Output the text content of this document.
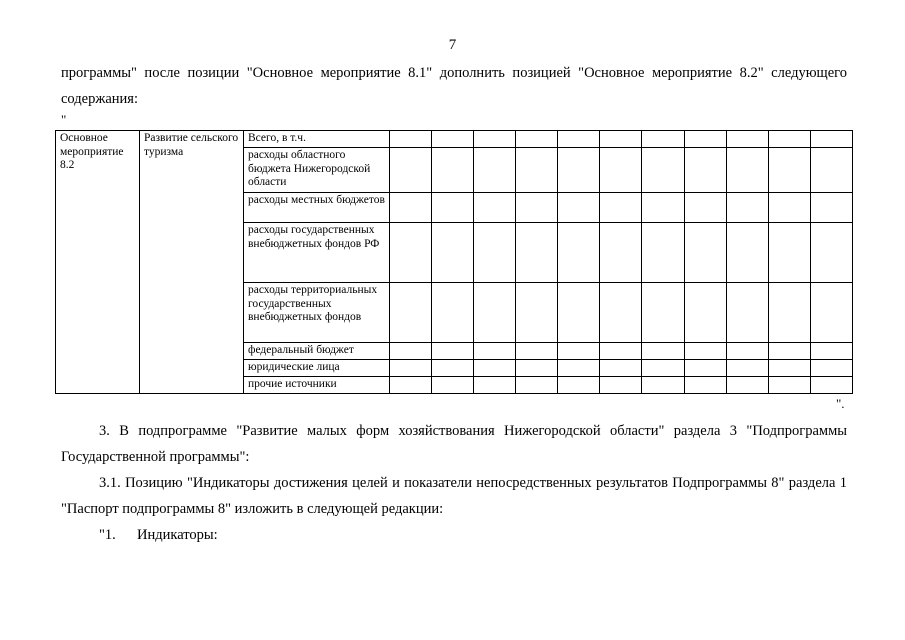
7

программы" после позиции "Основное мероприятие 8.1" дополнить позицией "Основное мероприятие 8.2" следующего содержания:

"
Основное мероприятие 8.2	Развитие сельского туризма	Всего, в т.ч.											
		расходы областного бюджета Нижегородской области											
		расходы местных бюджетов											
		расходы государственных внебюджетных фондов РФ											
		расходы территориальных государственных внебюджетных фондов											
		федеральный бюджет											
		юридические лица											
		прочие источники											
".

3. В подпрограмме "Развитие малых форм хозяйствования Нижегородской области" раздела 3 "Подпрограммы Государственной программы":

3.1. Позицию "Индикаторы достижения целей и показатели непосредственных результатов Подпрограммы 8" раздела 1 "Паспорт подпрограммы 8" изложить в следующей редакции:

"1. Индикаторы:
